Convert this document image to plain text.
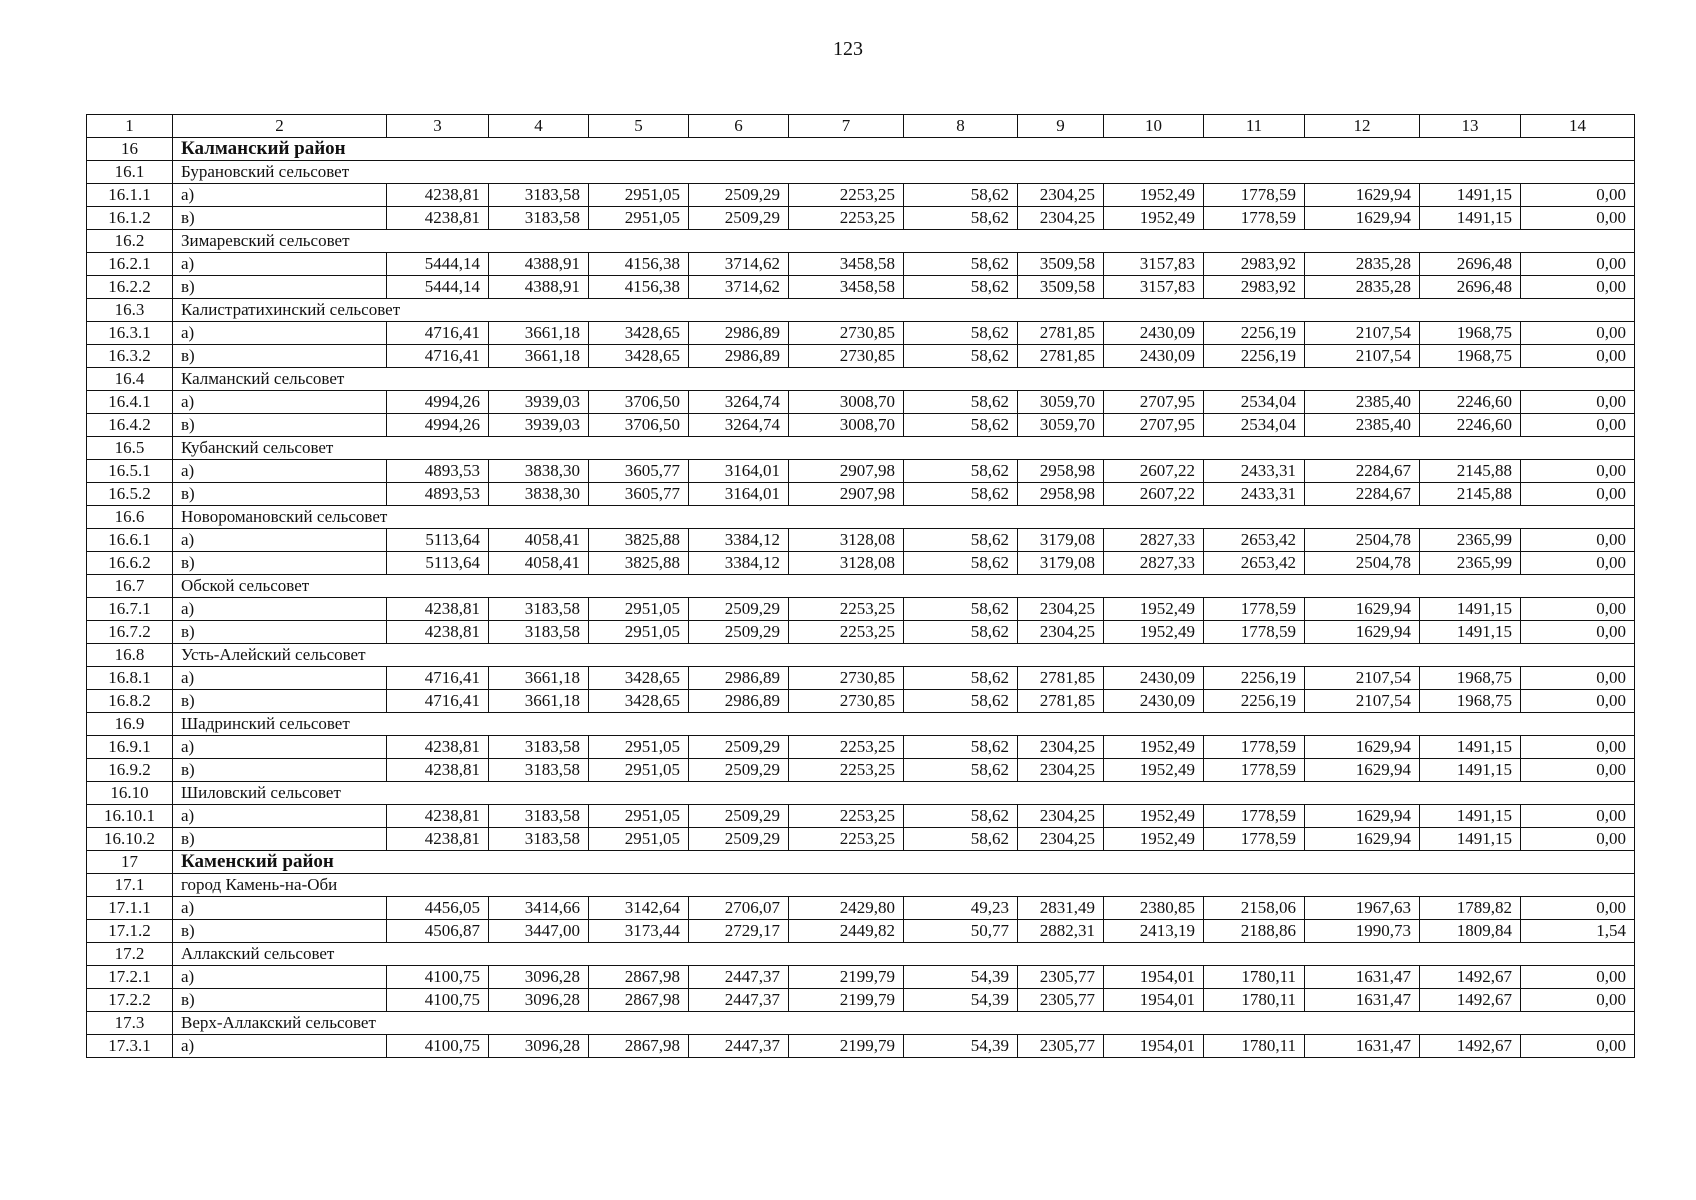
123
1	2	3	4	5	6	7	8	9	10	11	12	13	14
16	Калманский район												
16.1	Бурановский сельсовет												
16.1.1	а)	4238,81	3183,58	2951,05	2509,29	2253,25	58,62	2304,25	1952,49	1778,59	1629,94	1491,15	0,00
16.1.2	в)	4238,81	3183,58	2951,05	2509,29	2253,25	58,62	2304,25	1952,49	1778,59	1629,94	1491,15	0,00
16.2	Зимаревский сельсовет												
16.2.1	а)	5444,14	4388,91	4156,38	3714,62	3458,58	58,62	3509,58	3157,83	2983,92	2835,28	2696,48	0,00
16.2.2	в)	5444,14	4388,91	4156,38	3714,62	3458,58	58,62	3509,58	3157,83	2983,92	2835,28	2696,48	0,00
16.3	Калистратихинский сельсовет												
16.3.1	а)	4716,41	3661,18	3428,65	2986,89	2730,85	58,62	2781,85	2430,09	2256,19	2107,54	1968,75	0,00
16.3.2	в)	4716,41	3661,18	3428,65	2986,89	2730,85	58,62	2781,85	2430,09	2256,19	2107,54	1968,75	0,00
16.4	Калманский сельсовет												
16.4.1	а)	4994,26	3939,03	3706,50	3264,74	3008,70	58,62	3059,70	2707,95	2534,04	2385,40	2246,60	0,00
16.4.2	в)	4994,26	3939,03	3706,50	3264,74	3008,70	58,62	3059,70	2707,95	2534,04	2385,40	2246,60	0,00
16.5	Кубанский сельсовет												
16.5.1	а)	4893,53	3838,30	3605,77	3164,01	2907,98	58,62	2958,98	2607,22	2433,31	2284,67	2145,88	0,00
16.5.2	в)	4893,53	3838,30	3605,77	3164,01	2907,98	58,62	2958,98	2607,22	2433,31	2284,67	2145,88	0,00
16.6	Новоромановский сельсовет												
16.6.1	а)	5113,64	4058,41	3825,88	3384,12	3128,08	58,62	3179,08	2827,33	2653,42	2504,78	2365,99	0,00
16.6.2	в)	5113,64	4058,41	3825,88	3384,12	3128,08	58,62	3179,08	2827,33	2653,42	2504,78	2365,99	0,00
16.7	Обской сельсовет												
16.7.1	а)	4238,81	3183,58	2951,05	2509,29	2253,25	58,62	2304,25	1952,49	1778,59	1629,94	1491,15	0,00
16.7.2	в)	4238,81	3183,58	2951,05	2509,29	2253,25	58,62	2304,25	1952,49	1778,59	1629,94	1491,15	0,00
16.8	Усть-Алейский сельсовет												
16.8.1	а)	4716,41	3661,18	3428,65	2986,89	2730,85	58,62	2781,85	2430,09	2256,19	2107,54	1968,75	0,00
16.8.2	в)	4716,41	3661,18	3428,65	2986,89	2730,85	58,62	2781,85	2430,09	2256,19	2107,54	1968,75	0,00
16.9	Шадринский сельсовет												
16.9.1	а)	4238,81	3183,58	2951,05	2509,29	2253,25	58,62	2304,25	1952,49	1778,59	1629,94	1491,15	0,00
16.9.2	в)	4238,81	3183,58	2951,05	2509,29	2253,25	58,62	2304,25	1952,49	1778,59	1629,94	1491,15	0,00
16.10	Шиловский сельсовет												
16.10.1	а)	4238,81	3183,58	2951,05	2509,29	2253,25	58,62	2304,25	1952,49	1778,59	1629,94	1491,15	0,00
16.10.2	в)	4238,81	3183,58	2951,05	2509,29	2253,25	58,62	2304,25	1952,49	1778,59	1629,94	1491,15	0,00
17	Каменский район												
17.1	город Камень-на-Оби												
17.1.1	а)	4456,05	3414,66	3142,64	2706,07	2429,80	49,23	2831,49	2380,85	2158,06	1967,63	1789,82	0,00
17.1.2	в)	4506,87	3447,00	3173,44	2729,17	2449,82	50,77	2882,31	2413,19	2188,86	1990,73	1809,84	1,54
17.2	Аллакский сельсовет												
17.2.1	а)	4100,75	3096,28	2867,98	2447,37	2199,79	54,39	2305,77	1954,01	1780,11	1631,47	1492,67	0,00
17.2.2	в)	4100,75	3096,28	2867,98	2447,37	2199,79	54,39	2305,77	1954,01	1780,11	1631,47	1492,67	0,00
17.3	Верх-Аллакский сельсовет												
17.3.1	а)	4100,75	3096,28	2867,98	2447,37	2199,79	54,39	2305,77	1954,01	1780,11	1631,47	1492,67	0,00
